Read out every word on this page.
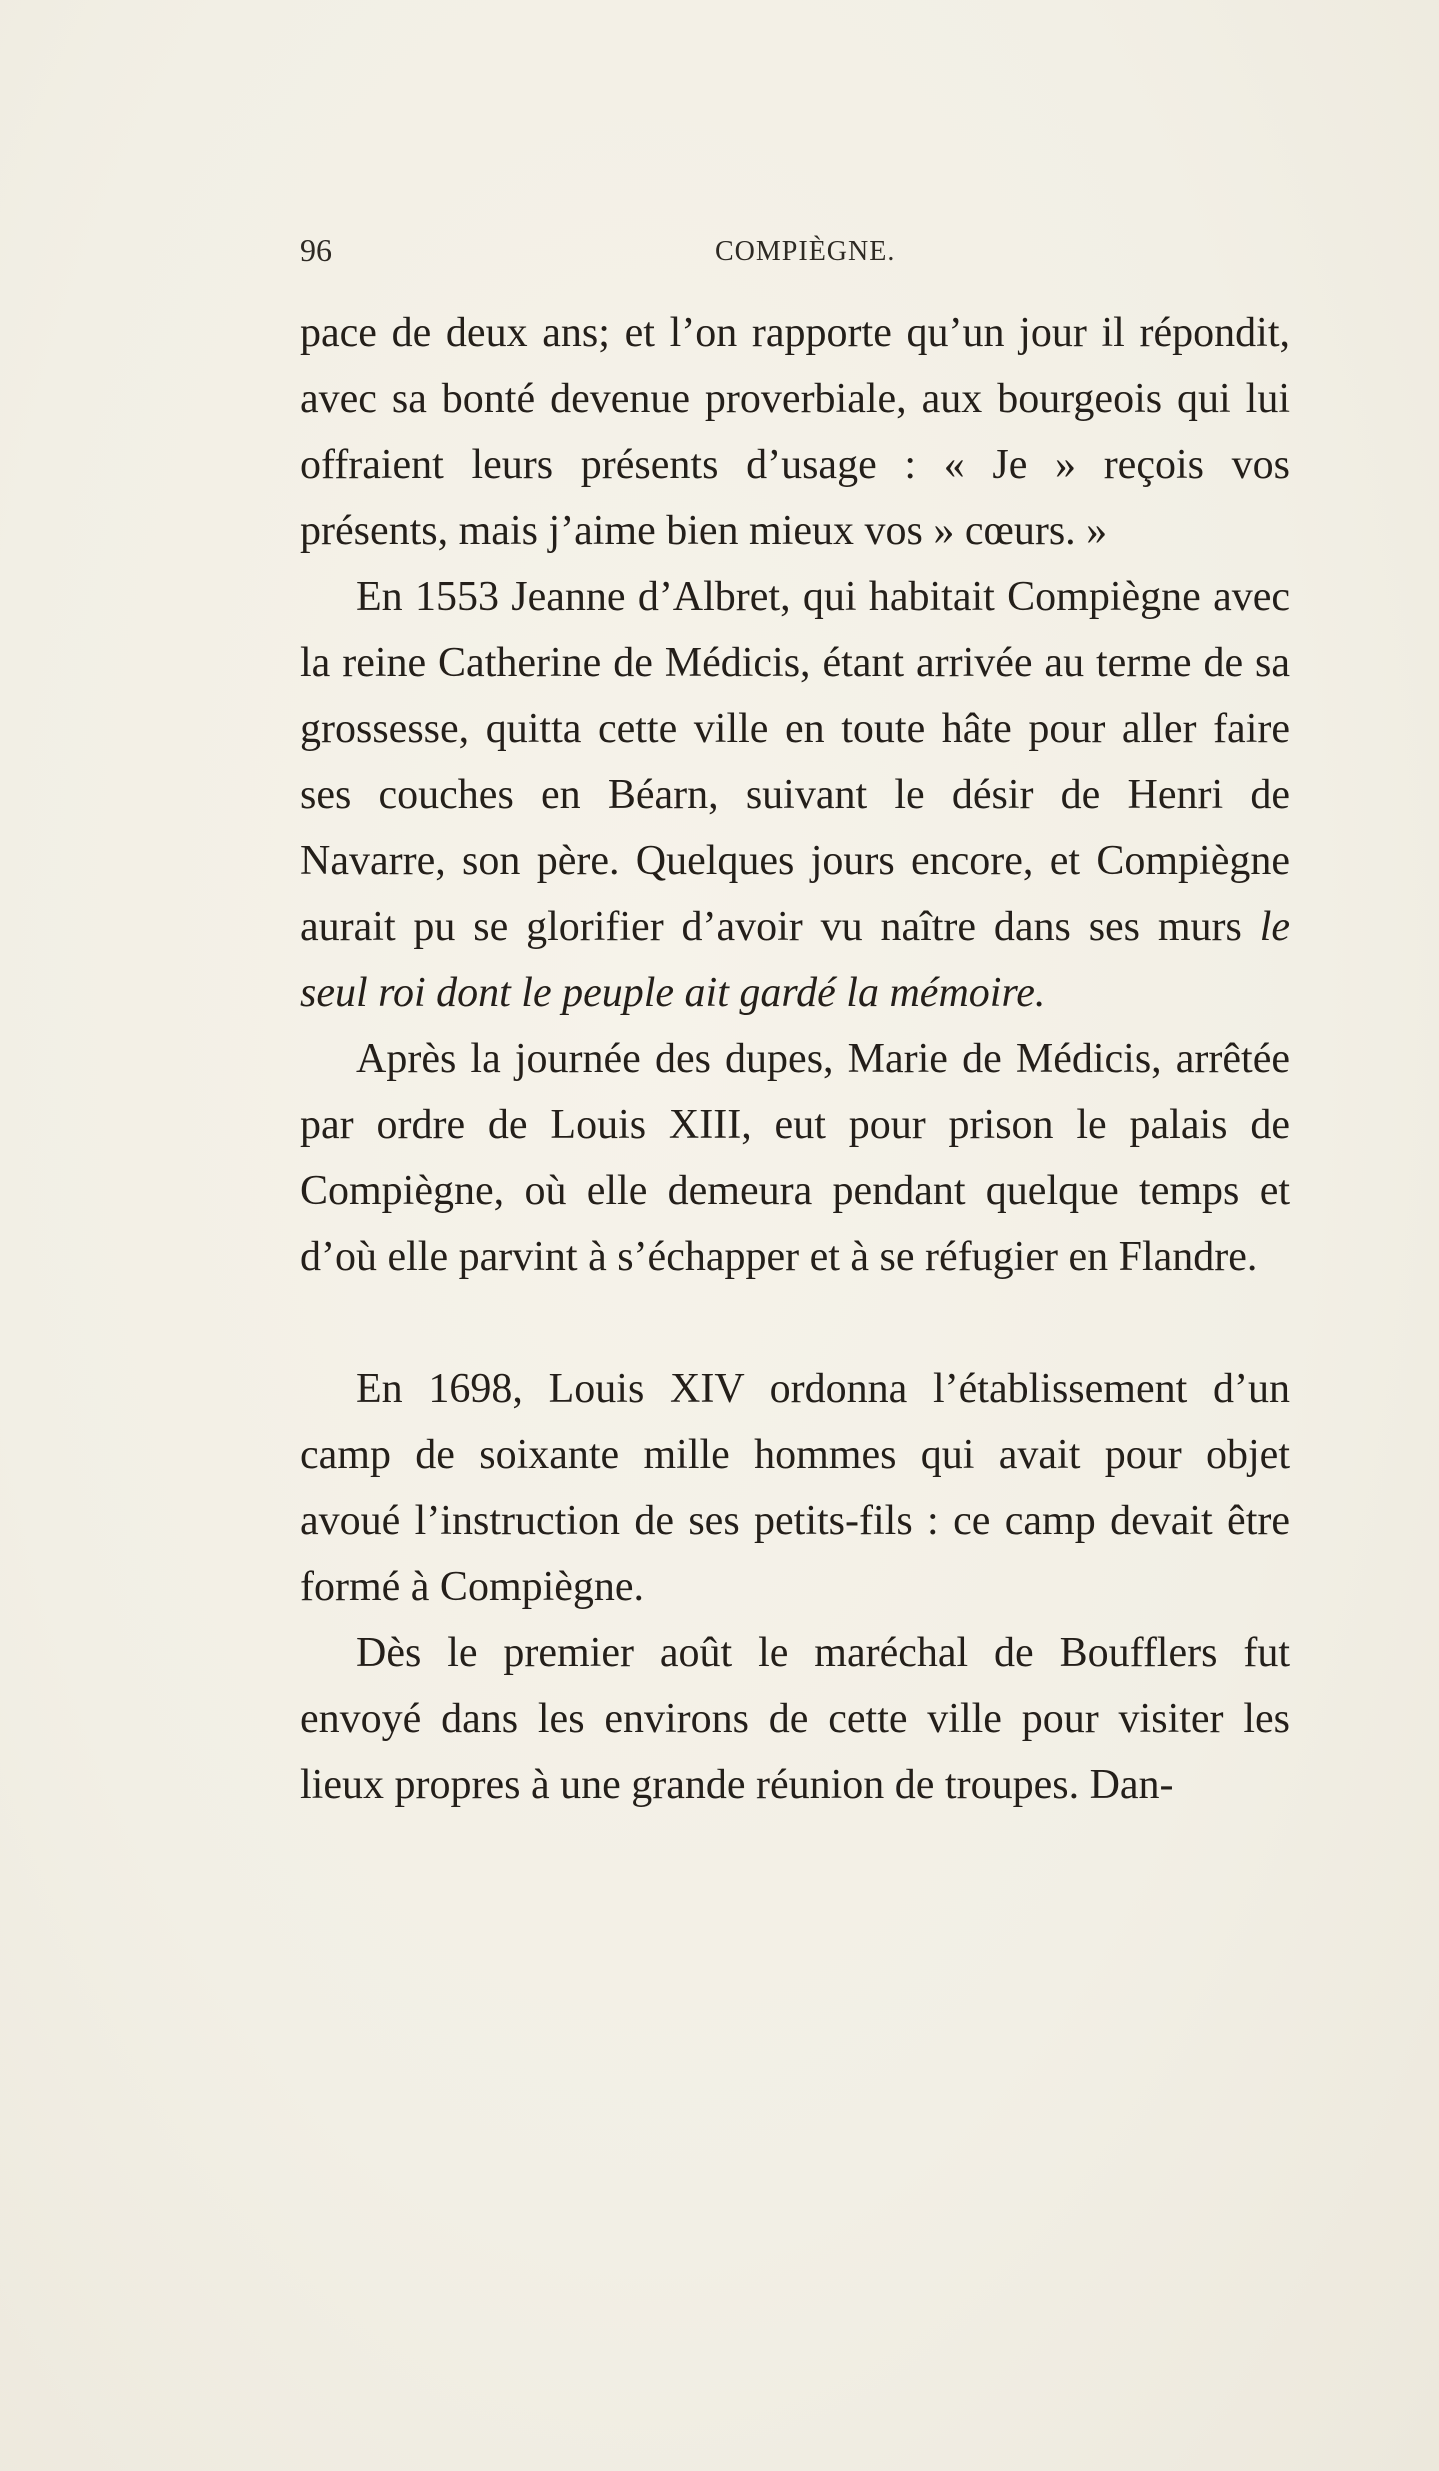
96	COMPIÈGNE.

pace de deux ans; et l’on rapporte qu’un jour il répondit, avec sa bonté devenue proverbiale, aux bourgeois qui lui offraient leurs présents d’usage : « Je » reçois vos présents, mais j’aime bien mieux vos » cœurs. »

En 1553 Jeanne d’Albret, qui habitait Compiègne avec la reine Catherine de Médicis, étant arrivée au terme de sa grossesse, quitta cette ville en toute hâte pour aller faire ses couches en Béarn, suivant le désir de Henri de Navarre, son père. Quelques jours encore, et Compiègne aurait pu se glorifier d’avoir vu naître dans ses murs le seul roi dont le peuple ait gardé la mémoire.

Après la journée des dupes, Marie de Médicis, arrêtée par ordre de Louis XIII, eut pour prison le palais de Compiègne, où elle demeura pendant quelque temps et d’où elle parvint à s’échapper et à se réfugier en Flandre.

En 1698, Louis XIV ordonna l’établissement d’un camp de soixante mille hommes qui avait pour objet avoué l’instruction de ses petits-fils : ce camp devait être formé à Compiègne.

Dès le premier août le maréchal de Boufflers fut envoyé dans les environs de cette ville pour visiter les lieux propres à une grande réunion de troupes. Dan-
